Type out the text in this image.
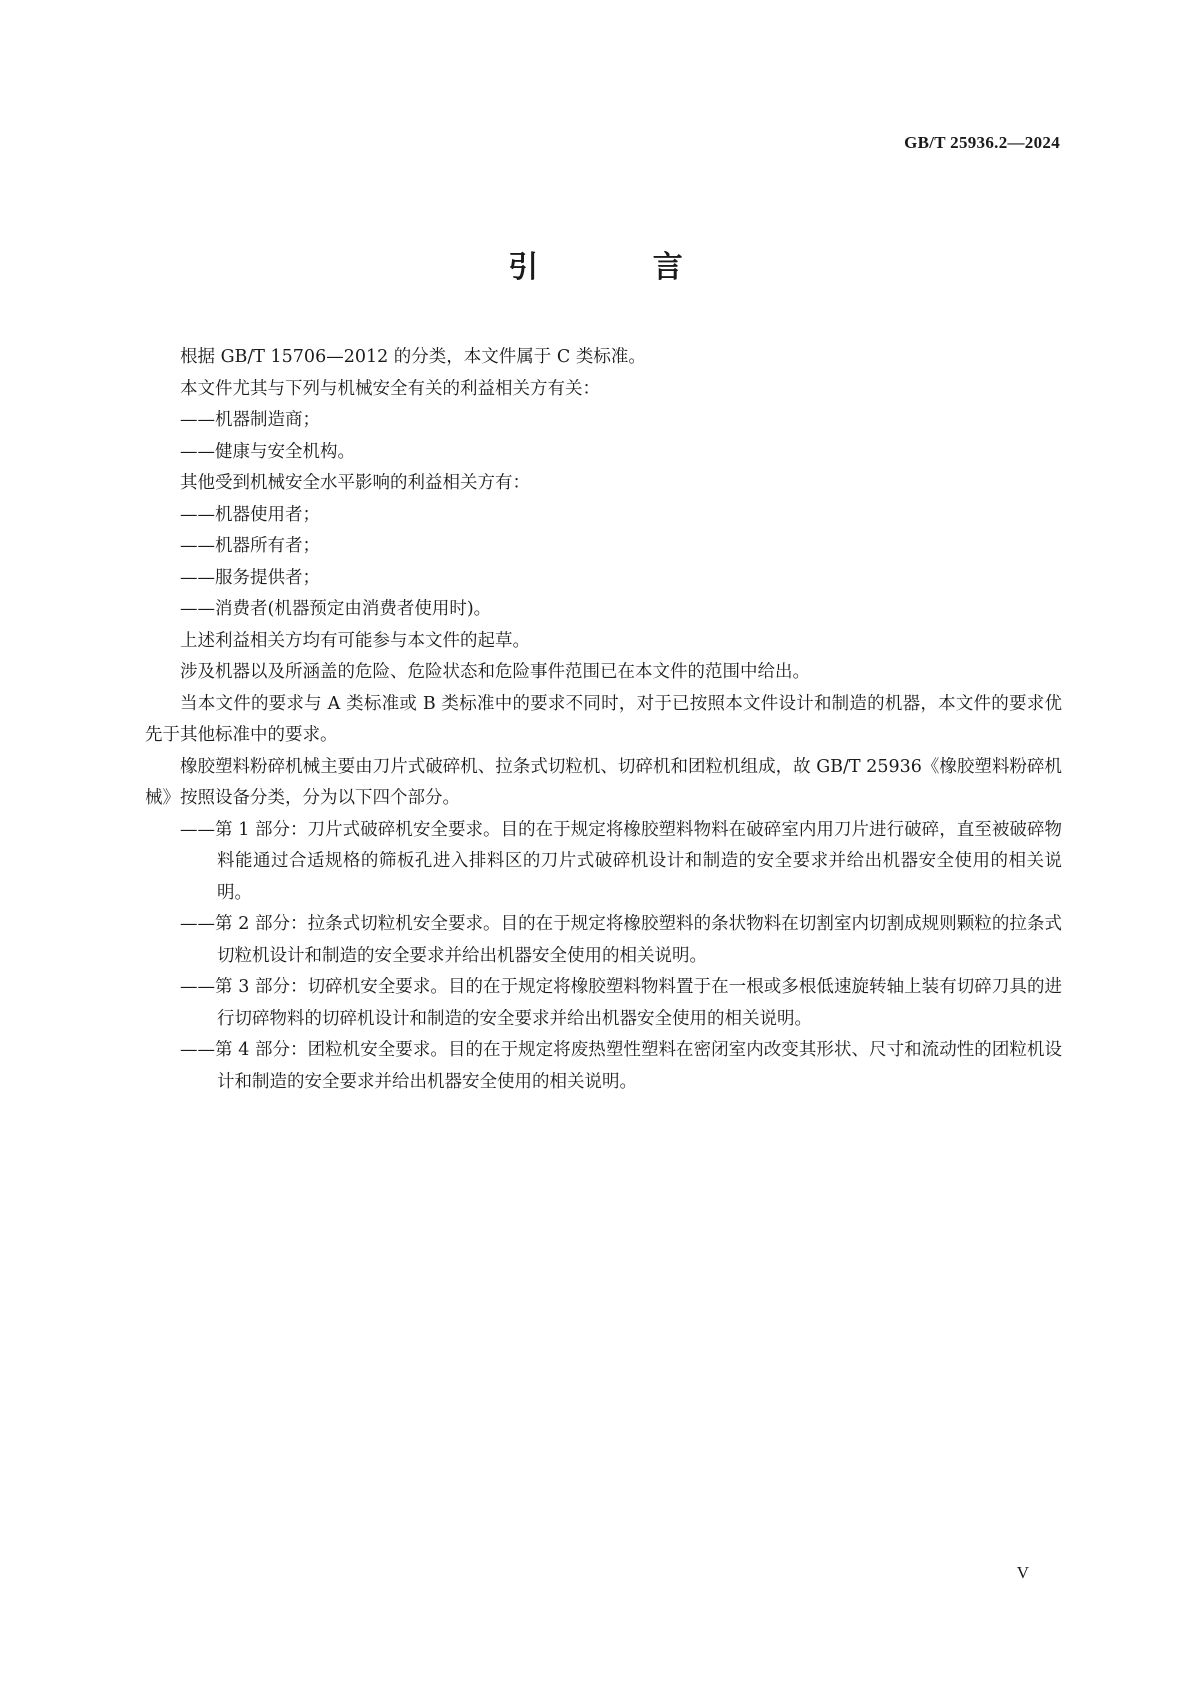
GB/T 25936.2—2024
引 言

根据 GB/T 15706—2012 的分类，本文件属于 C 类标准。

本文件尤其与下列与机械安全有关的利益相关方有关：

——机器制造商；

——健康与安全机构。

其他受到机械安全水平影响的利益相关方有：

——机器使用者；

——机器所有者；

——服务提供者；

——消费者(机器预定由消费者使用时)。

上述利益相关方均有可能参与本文件的起草。

涉及机器以及所涵盖的危险、危险状态和危险事件范围已在本文件的范围中给出。

当本文件的要求与 A 类标准或 B 类标准中的要求不同时，对于已按照本文件设计和制造的机器，本文件的要求优先于其他标准中的要求。

橡胶塑料粉碎机械主要由刀片式破碎机、拉条式切粒机、切碎机和团粒机组成，故 GB/T 25936《橡胶塑料粉碎机械》按照设备分类，分为以下四个部分。

——第 1 部分：刀片式破碎机安全要求。目的在于规定将橡胶塑料物料在破碎室内用刀片进行破碎，直至被破碎物料能通过合适规格的筛板孔进入排料区的刀片式破碎机设计和制造的安全要求并给出机器安全使用的相关说明。

——第 2 部分：拉条式切粒机安全要求。目的在于规定将橡胶塑料的条状物料在切割室内切割成规则颗粒的拉条式切粒机设计和制造的安全要求并给出机器安全使用的相关说明。

——第 3 部分：切碎机安全要求。目的在于规定将橡胶塑料物料置于在一根或多根低速旋转轴上装有切碎刀具的进行切碎物料的切碎机设计和制造的安全要求并给出机器安全使用的相关说明。

——第 4 部分：团粒机安全要求。目的在于规定将废热塑性塑料在密闭室内改变其形状、尺寸和流动性的团粒机设计和制造的安全要求并给出机器安全使用的相关说明。

V
